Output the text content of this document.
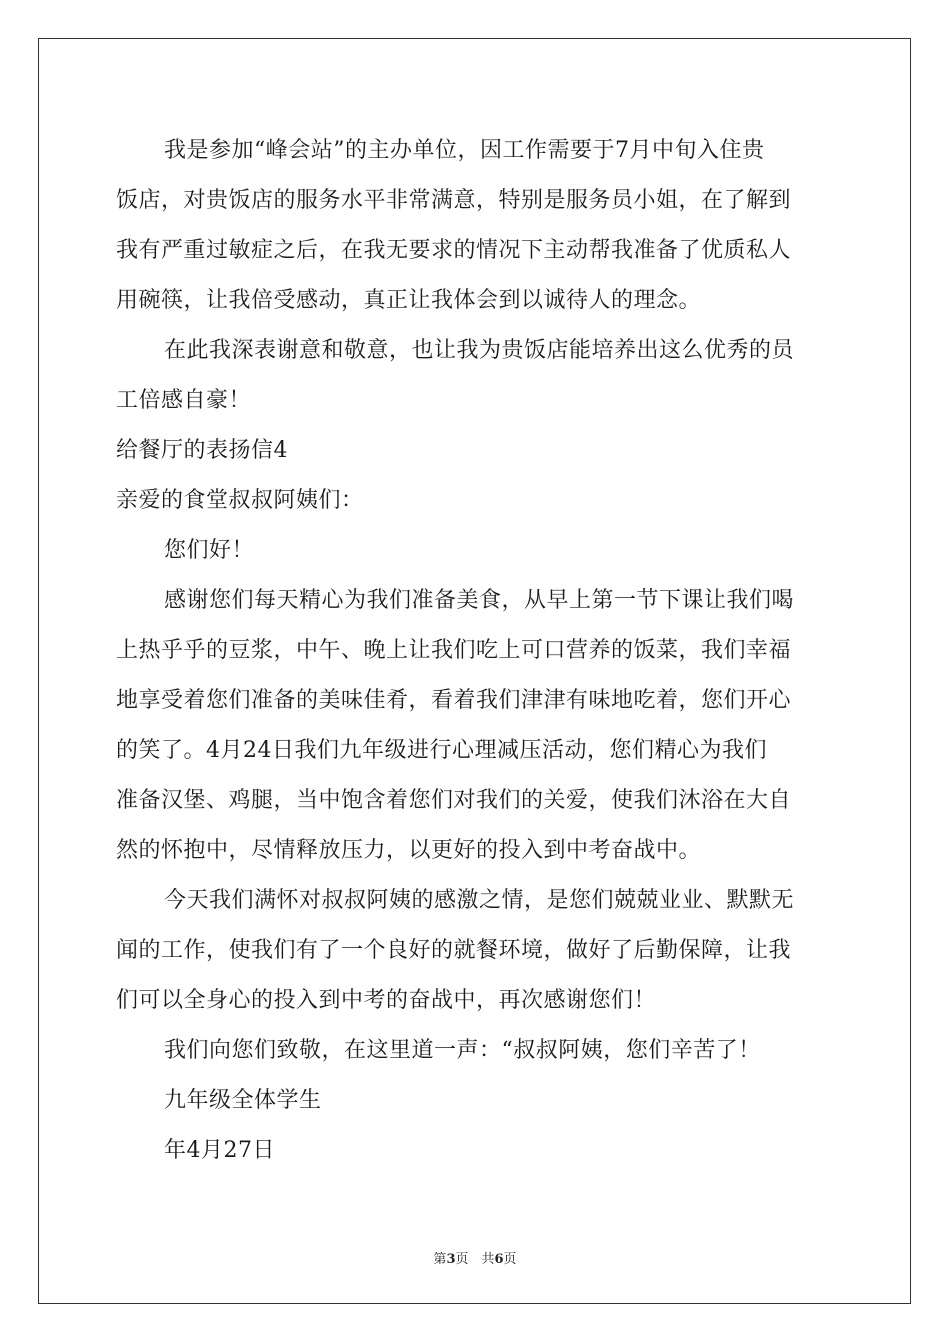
我是参加“峰会站”的主办单位，因工作需要于7月中旬入住贵
饭店，对贵饭店的服务水平非常满意，特别是服务员小姐，在了解到
我有严重过敏症之后，在我无要求的情况下主动帮我准备了优质私人
用碗筷，让我倍受感动，真正让我体会到以诚待人的理念。
在此我深表谢意和敬意，也让我为贵饭店能培养出这么优秀的员
工倍感自豪！
给餐厅的表扬信4
亲爱的食堂叔叔阿姨们：
您们好！
感谢您们每天精心为我们准备美食，从早上第一节下课让我们喝
上热乎乎的豆浆，中午、晚上让我们吃上可口营养的饭菜，我们幸福
地享受着您们准备的美味佳肴，看着我们津津有味地吃着，您们开心
的笑了。4月24日我们九年级进行心理减压活动，您们精心为我们
准备汉堡、鸡腿，当中饱含着您们对我们的关爱，使我们沐浴在大自
然的怀抱中，尽情释放压力，以更好的投入到中考奋战中。
今天我们满怀对叔叔阿姨的感激之情，是您们兢兢业业、默默无
闻的工作，使我们有了一个良好的就餐环境，做好了后勤保障，让我
们可以全身心的投入到中考的奋战中，再次感谢您们！
我们向您们致敬，在这里道一声：“叔叔阿姨，您们辛苦了！
九年级全体学生
年4月27日
第3页　共6页
